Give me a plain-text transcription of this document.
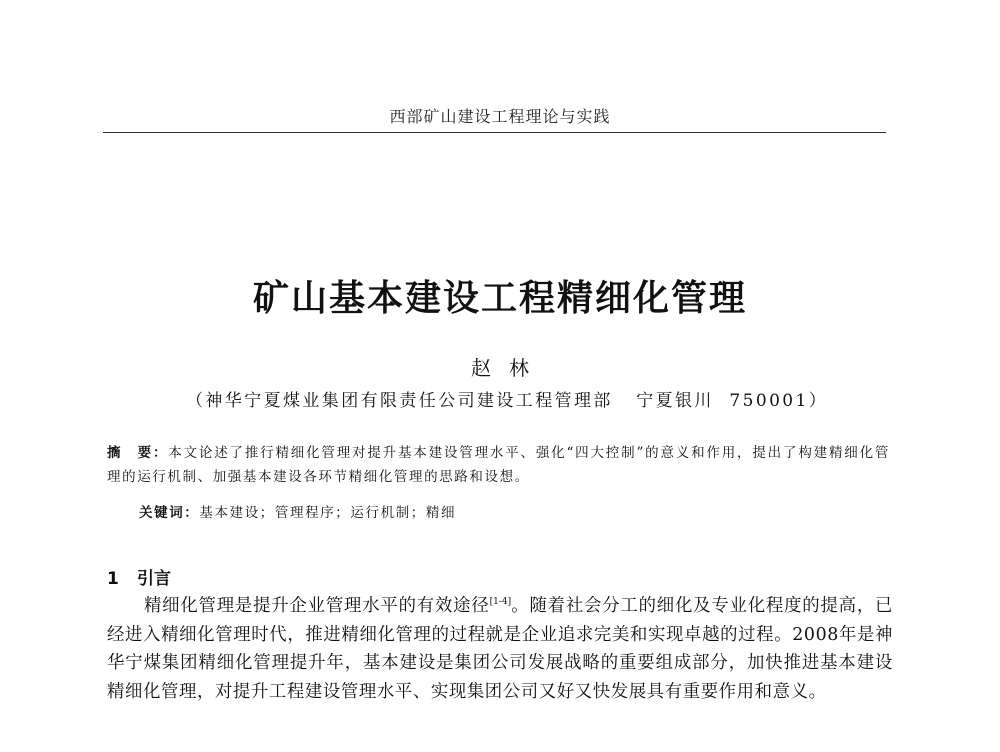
西部矿山建设工程理论与实践
矿山基本建设工程精细化管理
赵林
（神华宁夏煤业集团有限责任公司建设工程管理部   宁夏银川  750001）
摘　要：本文论述了推行精细化管理对提升基本建设管理水平、强化“四大控制”的意义和作用，提出了构建精细化管理的运行机制、加强基本建设各环节精细化管理的思路和设想。
关键词：基本建设；管理程序；运行机制；精细
1 引言
精细化管理是提升企业管理水平的有效途径[1-4]。随着社会分工的细化及专业化程度的提高，已经进入精细化管理时代，推进精细化管理的过程就是企业追求完美和实现卓越的过程。2008年是神华宁煤集团精细化管理提升年，基本建设是集团公司发展战略的重要组成部分，加快推进基本建设精细化管理，对提升工程建设管理水平、实现集团公司又好又快发展具有重要作用和意义。
